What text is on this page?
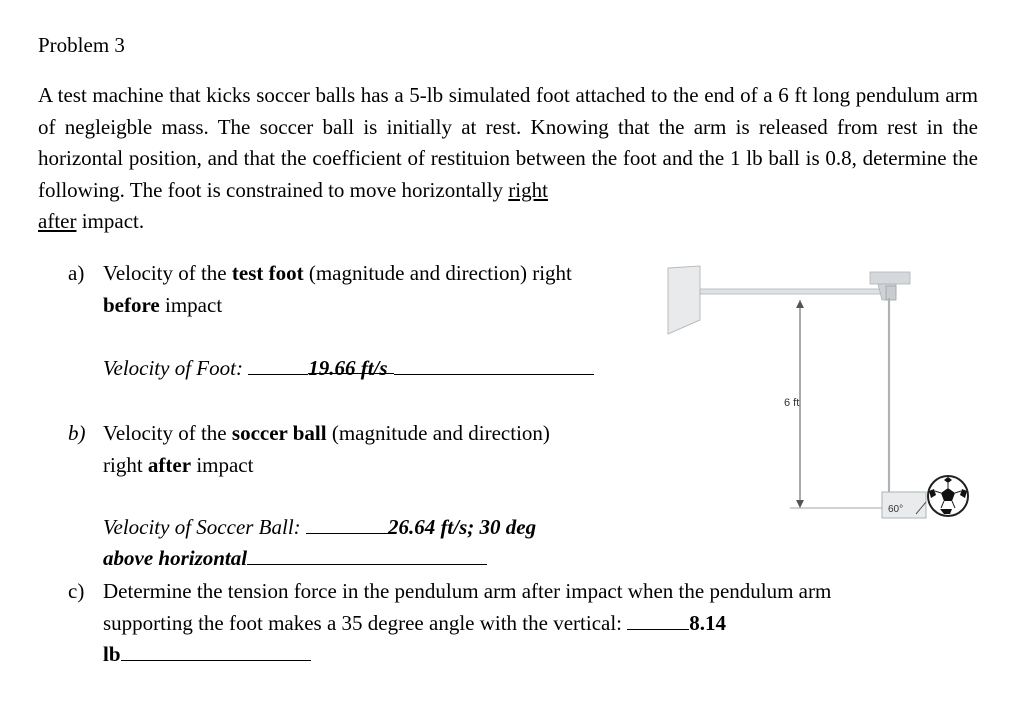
Problem 3
A test machine that kicks soccer balls has a 5-lb simulated foot attached to the end of a 6 ft long pendulum arm of negleigble mass. The soccer ball is initially at rest. Knowing that the arm is released from rest in the horizontal position, and that the coefficient of restituion between the foot and the 1 lb ball is 0.8, determine the following. The foot is constrained to move horizontally right
after impact.
a) Velocity of the test foot (magnitude and direction) right
before impact
Velocity of Foot:	19.66 ft/s
b) Velocity of the soccer ball (magnitude and direction)
right after impact
Velocity of Soccer Ball:	26.64 ft/s; 30 deg
above horizontal
c) Determine the tension force in the pendulum arm after impact when the pendulum arm
supporting the foot makes a 35 degree angle with the vertical:	8.14
lb
6 ft
60°
